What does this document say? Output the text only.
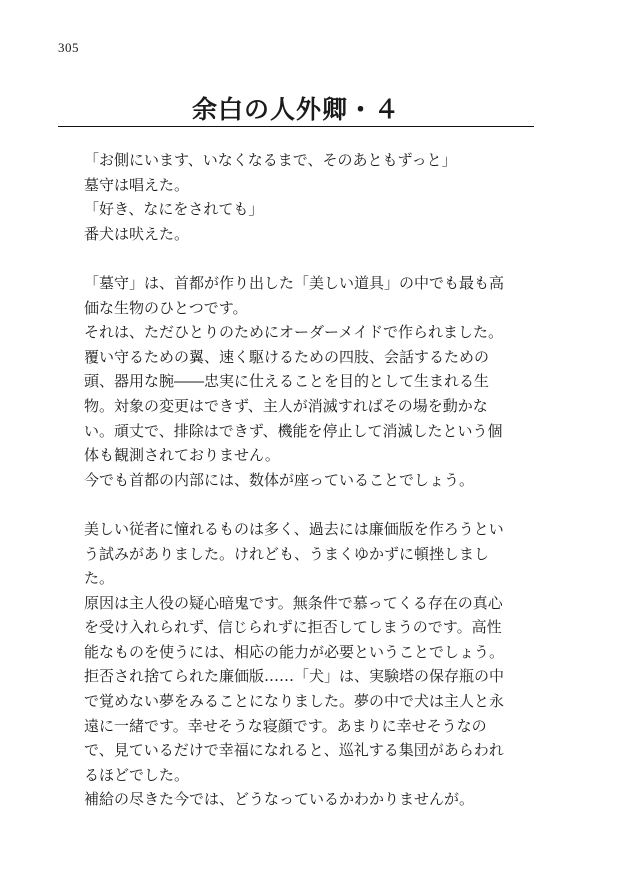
305
余白の人外卿・４

「お側にいます、いなくなるまで、そのあともずっと」

墓守は唱えた。

「好き、なにをされても」

番犬は吠えた。

「墓守」は、首都が作り出した「美しい道具」の中でも最も高価な生物のひとつです。

それは、ただひとりのためにオーダーメイドで作られました。

覆い守るための翼、速く駆けるための四肢、会話するための頭、器用な腕――忠実に仕えることを目的として生まれる生物。対象の変更はできず、主人が消滅すればその場を動かない。頑丈で、排除はできず、機能を停止して消滅したという個体も観測されておりません。

今でも首都の内部には、数体が座っていることでしょう。

美しい従者に憧れるものは多く、過去には廉価版を作ろうという試みがありました。けれども、うまくゆかずに頓挫しました。

原因は主人役の疑心暗鬼です。無条件で慕ってくる存在の真心を受け入れられず、信じられずに拒否してしまうのです。高性能なものを使うには、相応の能力が必要ということでしょう。

拒否され捨てられた廉価版……「犬」は、実験塔の保存瓶の中で覚めない夢をみることになりました。夢の中で犬は主人と永遠に一緒です。幸せそうな寝顔です。あまりに幸せそうなので、見ているだけで幸福になれると、巡礼する集団があらわれるほどでした。

補給の尽きた今では、どうなっているかわかりませんが。
